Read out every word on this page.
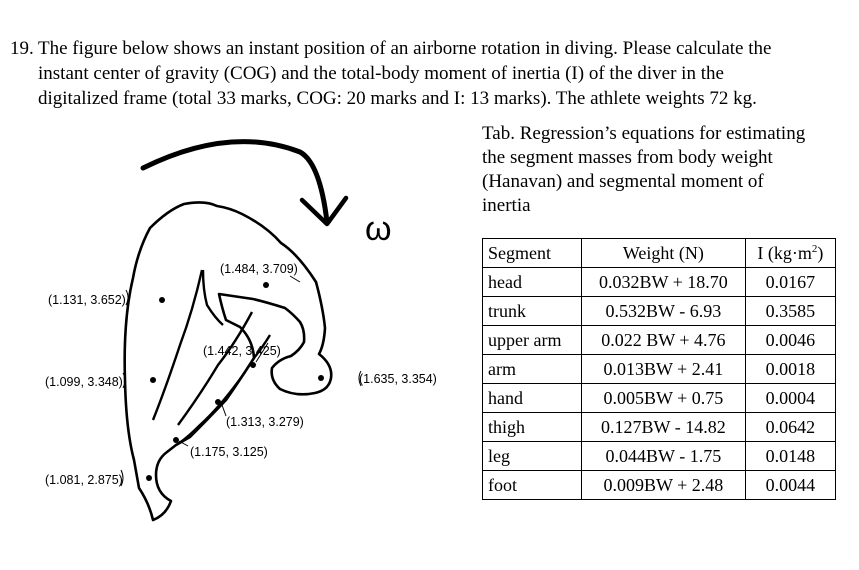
19. The figure below shows an instant position of an airborne rotation in diving. Please calculate the
instant center of gravity (COG) and the total-body moment of inertia (I) of the diver in the
digitalized frame (total 33 marks, COG: 20 marks and I: 13 marks). The athlete weights 72 kg.
ω
(1.484, 3.709)
(1.131, 3.652)
(1.442, 3.425)
(1.099, 3.348)	(1.635, 3.354)
(1.313, 3.279)
(1.175, 3.125)
(1.081, 2.875)
Tab. Regression’s equations for estimating
the segment masses from body weight
(Hanavan) and segmental moment of
inertia
Segment	Weight (N)	I $(kg\cdot m^2)$
head	0.032BW + 18.70	0.0167
trunk	0.532BW - 6.93	0.3585
upper arm	0.022 BW + 4.76	0.0046
arm	0.013BW + 2.41	0.0018
hand	0.005BW + 0.75	0.0004
thigh	0.127BW - 14.82	0.0642
leg	0.044BW - 1.75	0.0148
foot	0.009BW + 2.48	0.0044
